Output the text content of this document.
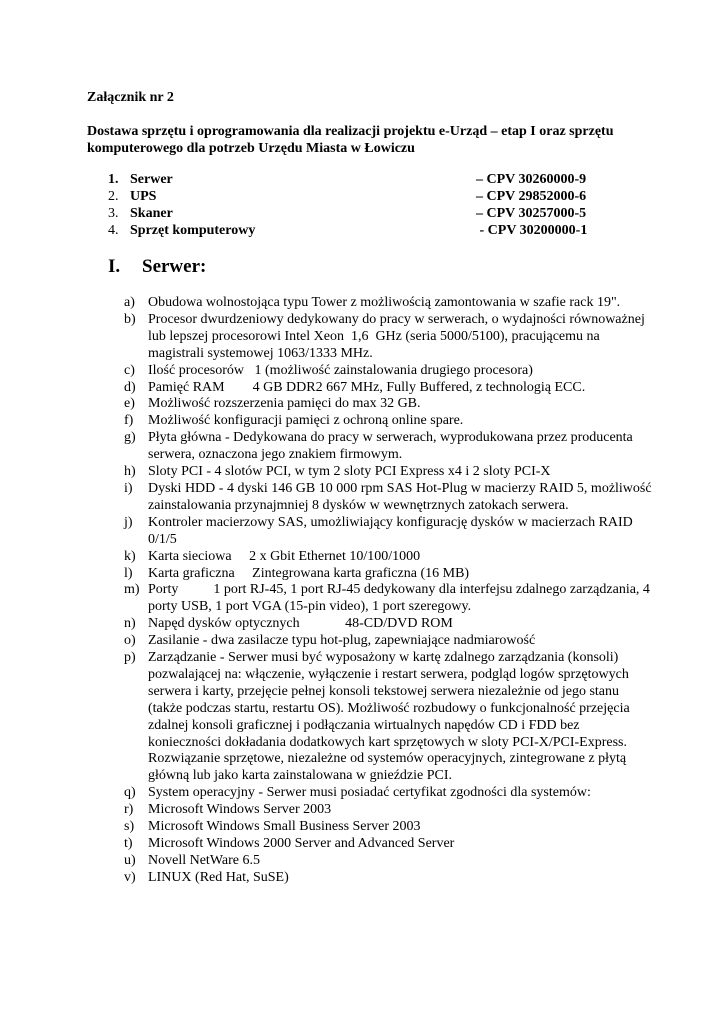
Załącznik nr 2

Dostawa sprzętu i oprogramowania dla realizacji projektu e-Urząd – etap I oraz sprzętu komputerowego dla potrzeb Urzędu Miasta w Łowiczu

1. Serwer	– CPV 30260000-9
2. UPS	– CPV 29852000-6
3. Skaner	– CPV 30257000-5
4. Sprzęt komputerowy	- CPV 30200000-1
I. Serwer:
a) Obudowa wolnostojąca typu Tower z możliwością zamontowania w szafie rack 19".
b) Procesor dwurdzeniowy dedykowany do pracy w serwerach, o wydajności równoważnej lub lepszej procesorowi Intel Xeon  1,6  GHz (seria 5000/5100), pracującemu na magistrali systemowej 1063/1333 MHz.
c) Ilość procesorów   1 (możliwość zainstalowania drugiego procesora)
d) Pamięć RAM        4 GB DDR2 667 MHz, Fully Buffered, z technologią ECC.
e) Możliwość rozszerzenia pamięci do max 32 GB.
f) Możliwość konfiguracji pamięci z ochroną online spare.
g) Płyta główna - Dedykowana do pracy w serwerach, wyprodukowana przez producenta serwera, oznaczona jego znakiem firmowym.
h) Sloty PCI - 4 slotów PCI, w tym 2 sloty PCI Express x4 i 2 sloty PCI-X
i) Dyski HDD - 4 dyski 146 GB 10 000 rpm SAS Hot-Plug w macierzy RAID 5, możliwość zainstalowania przynajmniej 8 dysków w wewnętrznych zatokach serwera.
j) Kontroler macierzowy SAS, umożliwiający konfigurację dysków w macierzach RAID 0/1/5
k) Karta sieciowa     2 x Gbit Ethernet 10/100/1000
l) Karta graficzna     Zintegrowana karta graficzna (16 MB)
m) Porty          1 port RJ-45, 1 port RJ-45 dedykowany dla interfejsu zdalnego zarządzania, 4 porty USB, 1 port VGA (15-pin video), 1 port szeregowy.
n) Napęd dysków optycznych             48-CD/DVD ROM
o) Zasilanie - dwa zasilacze typu hot-plug, zapewniające nadmiarowość
p) Zarządzanie - Serwer musi być wyposażony w kartę zdalnego zarządzania (konsoli) pozwalającej na: włączenie, wyłączenie i restart serwera, podgląd logów sprzętowych serwera i karty, przejęcie pełnej konsoli tekstowej serwera niezależnie od jego stanu (także podczas startu, restartu OS). Możliwość rozbudowy o funkcjonalność przejęcia zdalnej konsoli graficznej i podłączania wirtualnych napędów CD i FDD bez konieczności dokładania dodatkowych kart sprzętowych w sloty PCI-X/PCI-Express. Rozwiązanie sprzętowe, niezależne od systemów operacyjnych, zintegrowane z płytą główną lub jako karta zainstalowana w gnieździe PCI.
q) System operacyjny - Serwer musi posiadać certyfikat zgodności dla systemów:
r) Microsoft Windows Server 2003
s) Microsoft Windows Small Business Server 2003
t) Microsoft Windows 2000 Server and Advanced Server
u) Novell NetWare 6.5
v) LINUX (Red Hat, SuSE)
